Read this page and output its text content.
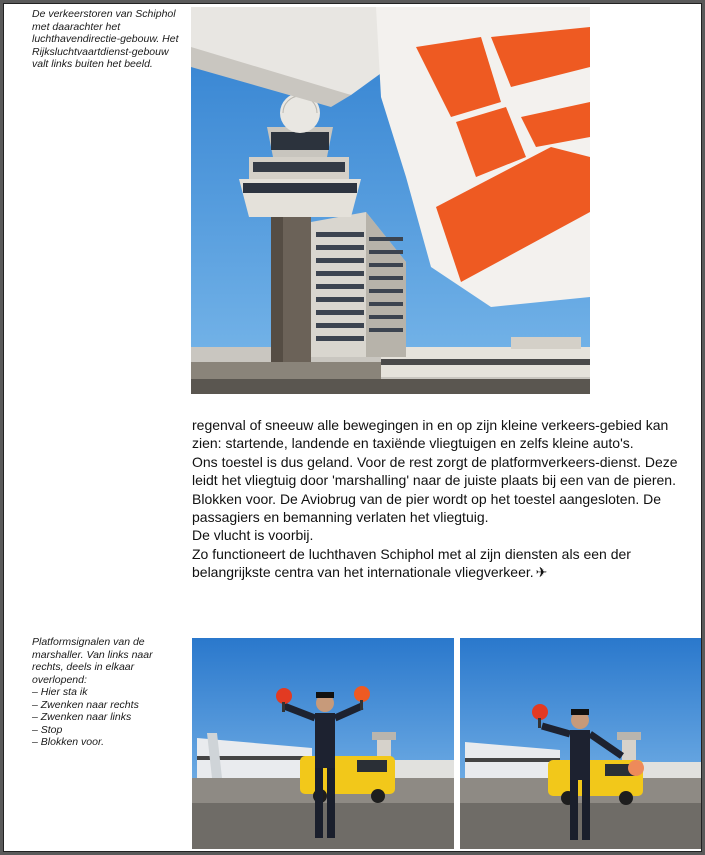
De verkeerstoren van Schiphol met daarachter het luchthavendirectie-gebouw. Het Rijksluchtvaartdienst-gebouw valt links buiten het beeld.

regenval of sneeuw alle bewegingen in en op zijn kleine verkeers-gebied kan zien: startende, landende en taxiënde vliegtuigen en zelfs kleine auto's.

Ons toestel is dus geland. Voor de rest zorgt de platformverkeers-dienst. Deze leidt het vliegtuig door 'marshalling' naar de juiste plaats bij een van de pieren.

Blokken voor. De Aviobrug van de pier wordt op het toestel aangesloten. De passagiers en bemanning verlaten het vliegtuig.

De vlucht is voorbij.

Zo functioneert de luchthaven Schiphol met al zijn diensten als een der belangrijkste centra van het internationale vliegverkeer. ✈

Platformsignalen van de marshaller. Van links naar rechts, deels in elkaar overlopend:
– Hier sta ik
– Zwenken naar rechts
– Zwenken naar links
– Stop
– Blokken voor.
